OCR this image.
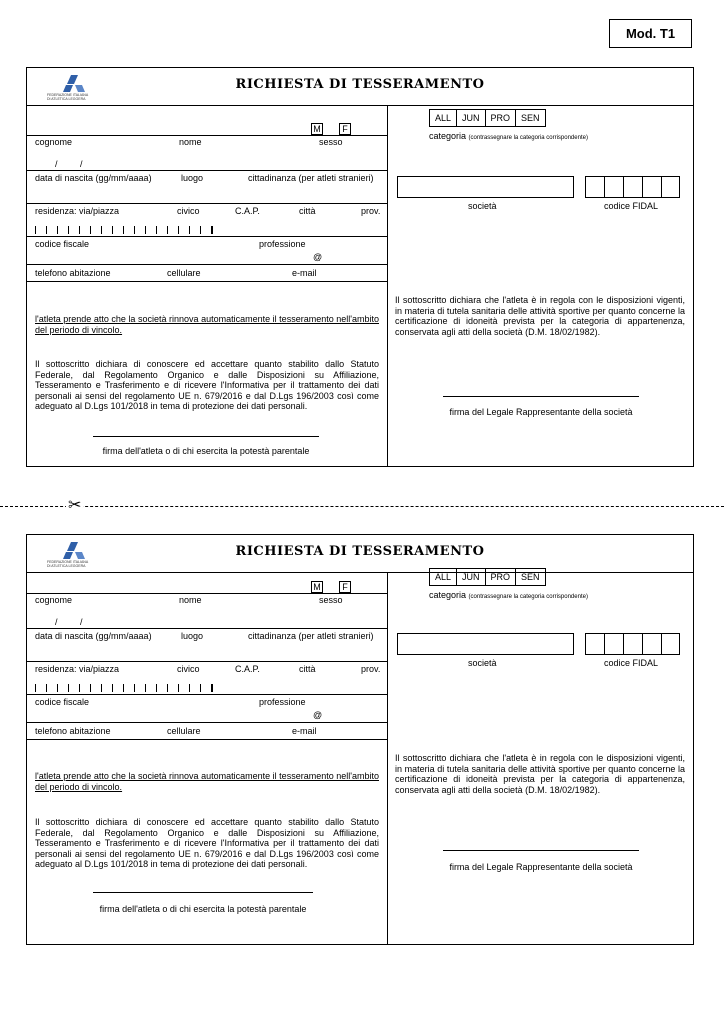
Mod. T1
FEDERAZIONE ITALIANA
DI ATLETICA LEGGERA
RICHIESTA DI TESSERAMENTO
M	F
cognome	nome	sesso
/ /
data di nascita (gg/mm/aaaa)	luogo	cittadinanza (per atleti stranieri)
residenza: via/piazza	civico	C.A.P.	città	prov.
codice fiscale	professione
@
telefono abitazione	cellulare	e-mail
l'atleta prende atto che la società rinnova automaticamente il tesseramento nell'ambito del periodo di vincolo.
Il sottoscritto dichiara di conoscere ed accettare quanto stabilito dallo Statuto Federale, dal Regolamento Organico e dalle Disposizioni su Affiliazione, Tesseramento e Trasferimento e di ricevere l'Informativa per il trattamento dei dati personali ai sensi del regolamento UE n. 679/2016 e dal D.Lgs 196/2003 così come adeguato al D.Lgs 101/2018 in tema di protezione dei dati personali.
firma dell'atleta o di chi esercita la potestà parentale
ALL	JUN	PRO	SEN
categoria (contrassegnare la categoria corrispondente)
società	codice FIDAL
Il sottoscritto dichiara che l'atleta è in regola con le disposizioni vigenti, in materia di tutela sanitaria delle attività sportive per quanto concerne la certificazione di idoneità prevista per la categoria di appartenenza, conservata agli atti della società (D.M. 18/02/1982).
firma del Legale Rappresentante della società
✂
FEDERAZIONE ITALIANA
DI ATLETICA LEGGERA
RICHIESTA DI TESSERAMENTO
M	F
cognome	nome	sesso
/ /
data di nascita (gg/mm/aaaa)	luogo	cittadinanza (per atleti stranieri)
residenza: via/piazza	civico	C.A.P.	città	prov.
codice fiscale	professione
@
telefono abitazione	cellulare	e-mail
l'atleta prende atto che la società rinnova automaticamente il tesseramento nell'ambito del periodo di vincolo.
Il sottoscritto dichiara di conoscere ed accettare quanto stabilito dallo Statuto Federale, dal Regolamento Organico e dalle Disposizioni su Affiliazione, Tesseramento e Trasferimento e di ricevere l'Informativa per il trattamento dei dati personali ai sensi del regolamento UE n. 679/2016 e dal D.Lgs 196/2003 così come adeguato al D.Lgs 101/2018 in tema di protezione dei dati personali.
firma dell'atleta o di chi esercita la potestà parentale
ALL	JUN	PRO	SEN
categoria (contrassegnare la categoria corrispondente)
società	codice FIDAL
Il sottoscritto dichiara che l'atleta è in regola con le disposizioni vigenti, in materia di tutela sanitaria delle attività sportive per quanto concerne la certificazione di idoneità prevista per la categoria di appartenenza, conservata agli atti della società (D.M. 18/02/1982).
firma del Legale Rappresentante della società
